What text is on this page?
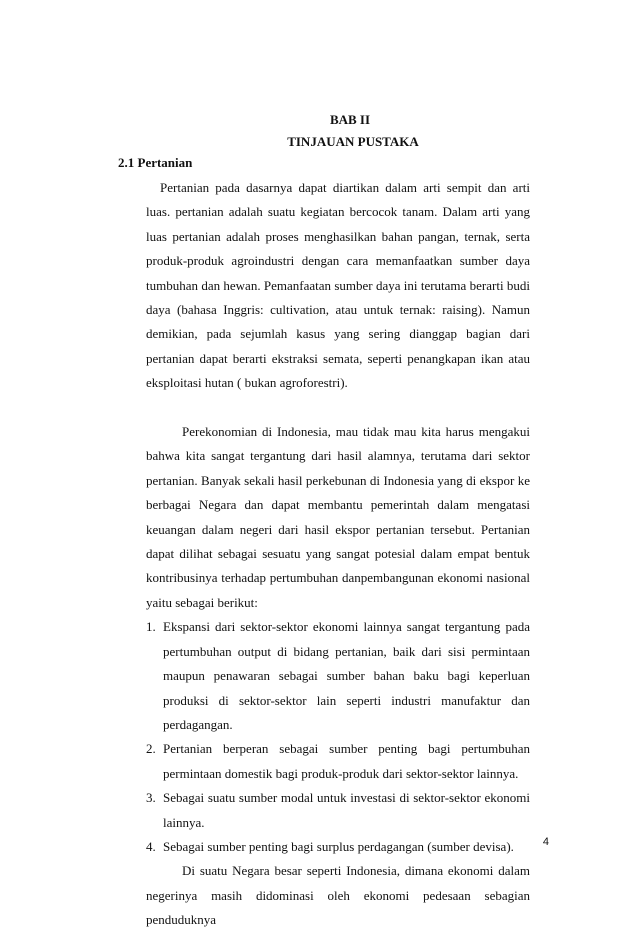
BAB II
TINJAUAN PUSTAKA
2.1 Pertanian

Pertanian pada dasarnya dapat diartikan dalam arti sempit dan arti luas. pertanian adalah suatu kegiatan bercocok tanam. Dalam arti yang luas pertanian adalah proses menghasilkan bahan pangan, ternak, serta produk-produk agroindustri dengan cara memanfaatkan sumber daya tumbuhan dan hewan. Pemanfaatan sumber daya ini terutama berarti budi daya (bahasa Inggris: cultivation, atau untuk ternak: raising). Namun demikian, pada sejumlah kasus yang sering dianggap bagian dari pertanian dapat berarti ekstraksi semata, seperti penangkapan ikan atau eksploitasi hutan ( bukan agroforestri).

Perekonomian di Indonesia, mau tidak mau kita harus mengakui bahwa kita sangat tergantung dari hasil alamnya, terutama dari sektor pertanian. Banyak sekali hasil perkebunan di Indonesia yang di ekspor ke berbagai Negara dan dapat membantu pemerintah dalam mengatasi keuangan dalam negeri dari hasil ekspor pertanian tersebut. Pertanian dapat dilihat sebagai sesuatu yang sangat potesial dalam empat bentuk kontribusinya terhadap pertumbuhan danpembangunan ekonomi nasional yaitu sebagai berikut:

1. Ekspansi dari sektor-sektor ekonomi lainnya sangat tergantung pada pertumbuhan output di bidang pertanian, baik dari sisi permintaan maupun penawaran sebagai sumber bahan baku bagi keperluan produksi di sektor-sektor lain seperti industri manufaktur dan perdagangan.
2. Pertanian berperan sebagai sumber penting bagi pertumbuhan permintaan domestik bagi produk-produk dari sektor-sektor lainnya.
3. Sebagai suatu sumber modal untuk investasi di sektor-sektor ekonomi lainnya.
4. Sebagai sumber penting bagi surplus perdagangan (sumber devisa).

Di suatu Negara besar seperti Indonesia, dimana ekonomi dalam negerinya masih didominasi oleh ekonomi pedesaan sebagian penduduknya

4
